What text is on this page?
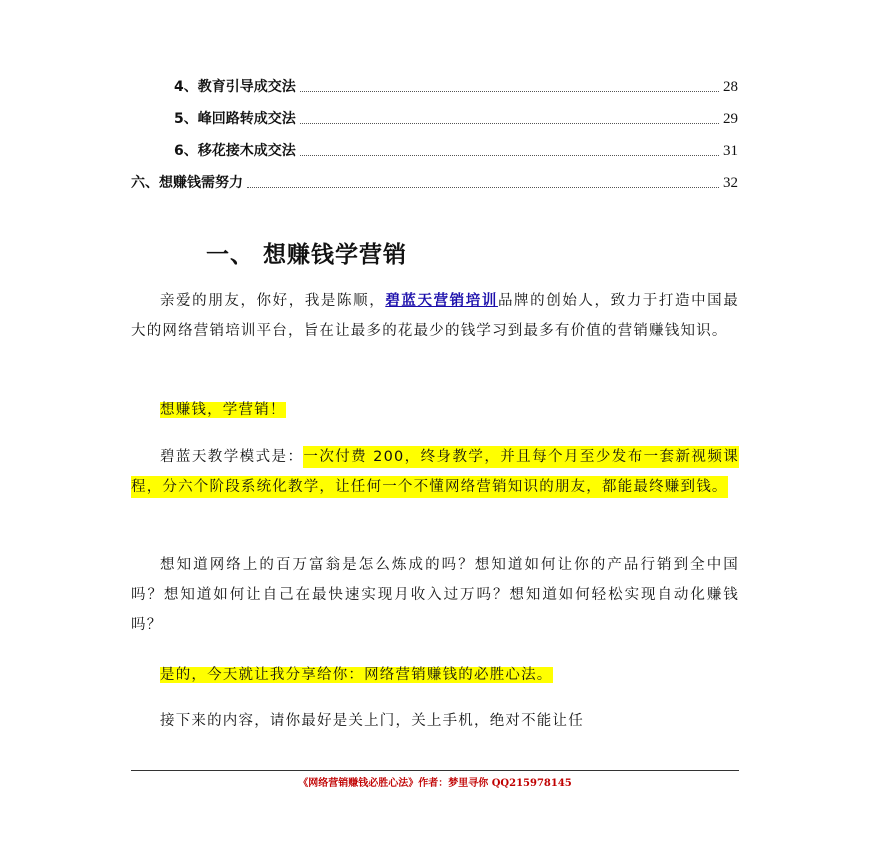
4、教育引导成交法	28
5、峰回路转成交法	29
6、移花接木成交法	31
六、想赚钱需努力	32
一、 想赚钱学营销
亲爱的朋友，你好，我是陈顺，碧蓝天营销培训品牌的创始人，致力于打造中国最大的网络营销培训平台，旨在让最多的花最少的钱学习到最多有价值的营销赚钱知识。
想赚钱，学营销！
碧蓝天教学模式是：一次付费 200，终身教学，并且每个月至少发布一套新视频课程，分六个阶段系统化教学，让任何一个不懂网络营销知识的朋友，都能最终赚到钱。
想知道网络上的百万富翁是怎么炼成的吗？想知道如何让你的产品行销到全中国吗？想知道如何让自己在最快速实现月收入过万吗？想知道如何轻松实现自动化赚钱吗？
是的，今天就让我分享给你：网络营销赚钱的必胜心法。
接下来的内容，请你最好是关上门，关上手机，绝对不能让任
《网络营销赚钱必胜心法》作者：梦里寻你 QQ215978145
